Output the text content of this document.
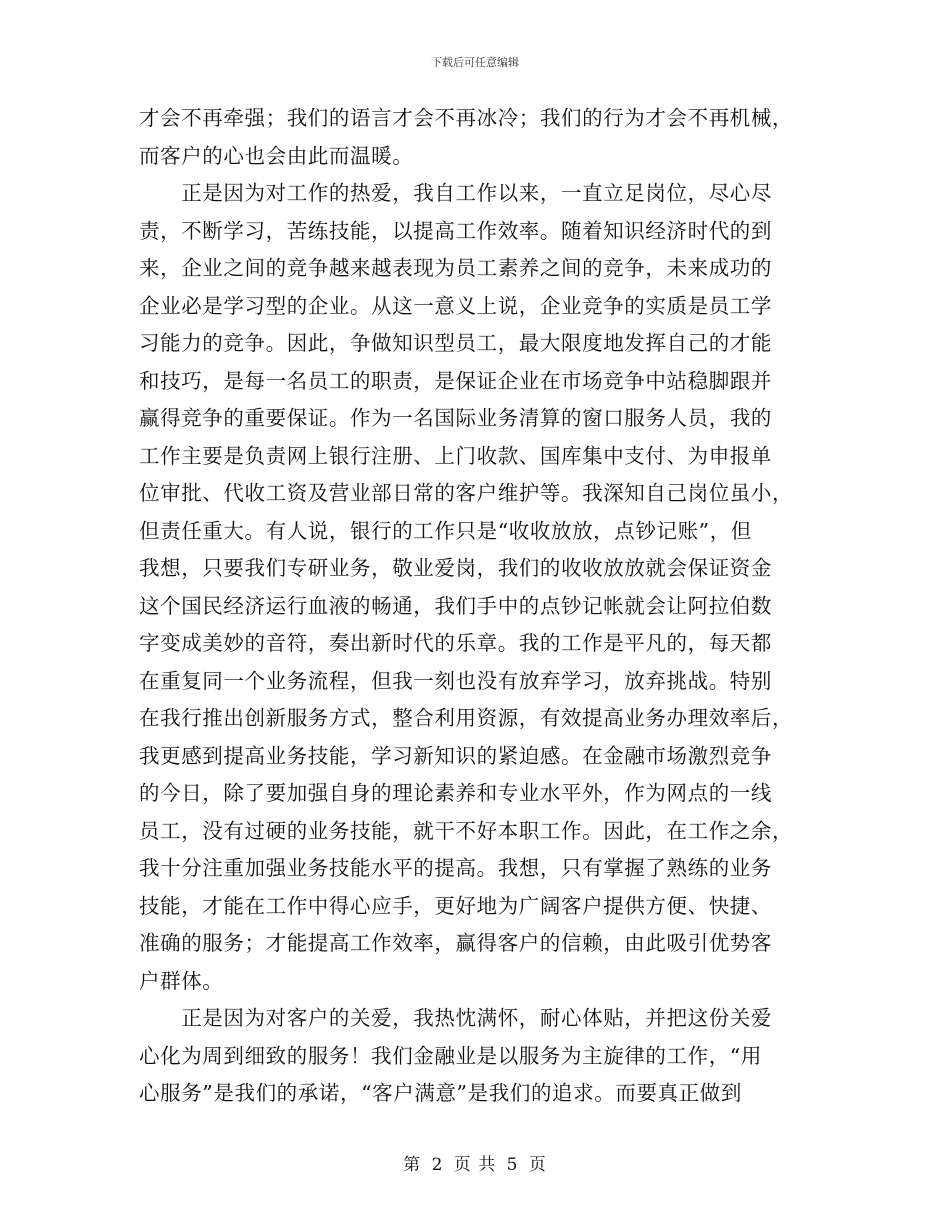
下载后可任意编辑
才会不再牵强；我们的语言才会不再冰冷；我们的行为才会不再机械，
而客户的心也会由此而温暖。
　　正是因为对工作的热爱，我自工作以来，一直立足岗位，尽心尽
责，不断学习，苦练技能，以提高工作效率。随着知识经济时代的到
来，企业之间的竞争越来越表现为员工素养之间的竞争，未来成功的
企业必是学习型的企业。从这一意义上说，企业竞争的实质是员工学
习能力的竞争。因此，争做知识型员工，最大限度地发挥自己的才能
和技巧，是每一名员工的职责，是保证企业在市场竞争中站稳脚跟并
赢得竞争的重要保证。作为一名国际业务清算的窗口服务人员，我的
工作主要是负责网上银行注册、上门收款、国库集中支付、为申报单
位审批、代收工资及营业部日常的客户维护等。我深知自己岗位虽小，
但责任重大。有人说，银行的工作只是“收收放放，点钞记账”，但
我想，只要我们专研业务，敬业爱岗，我们的收收放放就会保证资金
这个国民经济运行血液的畅通，我们手中的点钞记帐就会让阿拉伯数
字变成美妙的音符，奏出新时代的乐章。我的工作是平凡的，每天都
在重复同一个业务流程，但我一刻也没有放弃学习，放弃挑战。特别
在我行推出创新服务方式，整合利用资源，有效提高业务办理效率后，
我更感到提高业务技能，学习新知识的紧迫感。在金融市场激烈竞争
的今日，除了要加强自身的理论素养和专业水平外，作为网点的一线
员工，没有过硬的业务技能，就干不好本职工作。因此，在工作之余，
我十分注重加强业务技能水平的提高。我想，只有掌握了熟练的业务
技能，才能在工作中得心应手，更好地为广阔客户提供方便、快捷、
准确的服务；才能提高工作效率，赢得客户的信赖，由此吸引优势客
户群体。
　　正是因为对客户的关爱，我热忱满怀，耐心体贴，并把这份关爱
心化为周到细致的服务！我们金融业是以服务为主旋律的工作，“用
心服务”是我们的承诺，“客户满意”是我们的追求。而要真正做到
第 2 页 共 5 页
